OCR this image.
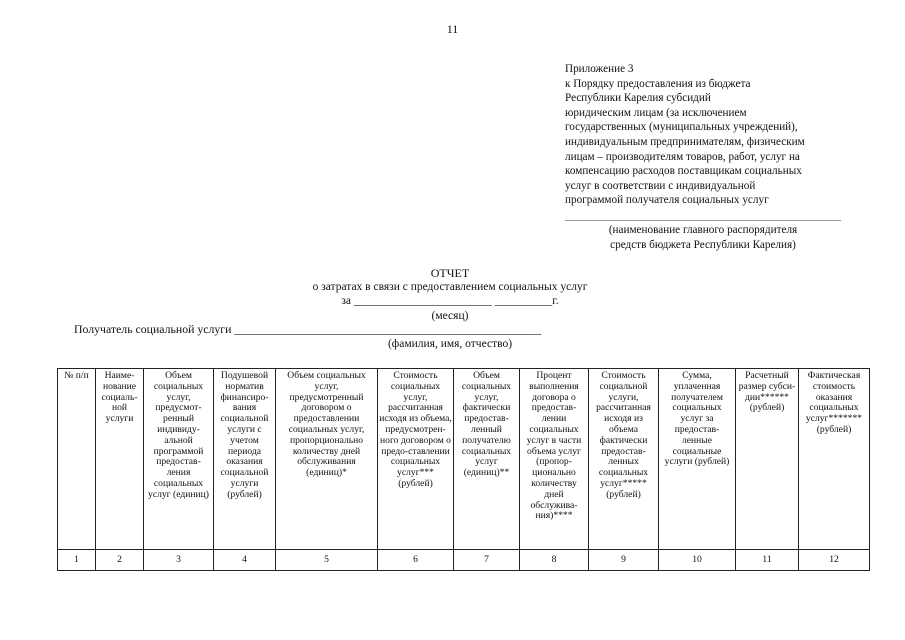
11
Приложение 3
к Порядку предоставления из бюджета
Республики Карелия субсидий
юридическим лицам (за исключением
государственных (муниципальных учреждений),
индивидуальным предпринимателям, физическим
лицам – производителям товаров, работ, услуг на
компенсацию расходов поставщикам социальных
услуг в соответствии с индивидуальной
программой получателя социальных услуг
(наименование главного распорядителя
средств бюджета Республики Карелия)
ОТЧЕТ
о затратах в связи с предоставлением социальных услуг
за ________________________ __________г.
(месяц)
Получатель социальной услуги ____________________________________________________
(фамилия, имя, отчество)
№ п/п	Наиме-нование социаль-ной услуги	Объем социальных услуг, предусмот-ренный индивиду-альной программой предостав-ления социальных услуг (единиц)	Подушевой норматив финансиро-вания социальной услуги с учетом периода оказания социальной услуги (рублей)	Объем социальных услуг, предусмотренный договором о предоставлении социальных услуг, пропорционально количеству дней обслуживания (единиц)*	Стоимость социальных услуг, рассчитанная исходя из объема, предусмотрен-ного договором о предо-ставлении социальных услуг*** (рублей)	Объем социальных услуг, фактически предостав-ленный получателю социальных услуг (единиц)**	Процент выполнения договора о предостав-лении социальных услуг в части объема услуг (пропор-ционально количеству дней обслужива-ния)****	Стоимость социальной услуги, рассчитанная исходя из объема фактически предостав-ленных социальных услуг***** (рублей)	Сумма, уплаченная получателем социальных услуг за предостав-ленные социальные услуги (рублей)	Расчетный размер субси-дии****** (рублей)	Фактическая стоимость оказания социальных услуг******* (рублей)
1	2	3	4	5	6	7	8	9	10	11	12
